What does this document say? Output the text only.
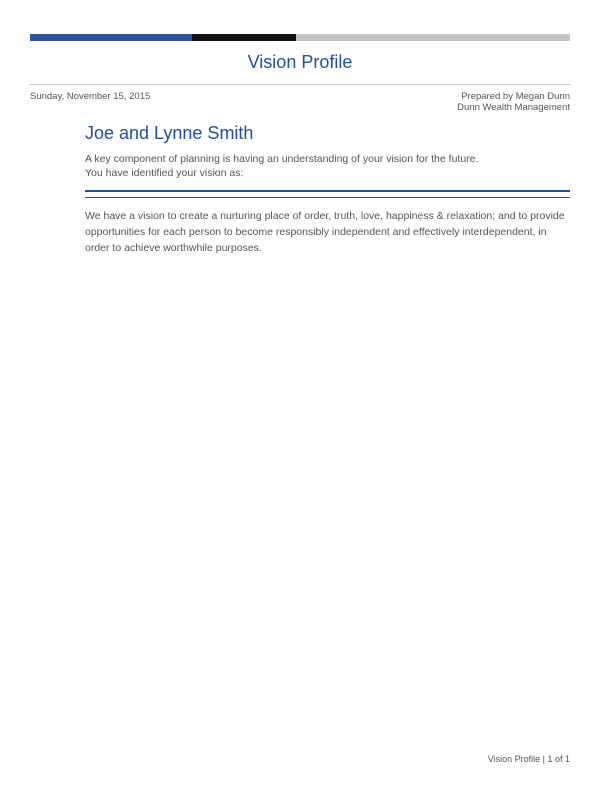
Vision Profile
Sunday, November 15, 2015	Prepared by Megan Dunn
Dunn Wealth Management
Joe and Lynne Smith
A key component of planning is having an understanding of your vision for the future.
You have identified your vision as:
We have a vision to create a nurturing place of order, truth, love, happiness & relaxation; and to provide opportunities for each person to become responsibly independent and effectively interdependent, in order to achieve worthwhile purposes.
Vision Profile | 1 of 1
